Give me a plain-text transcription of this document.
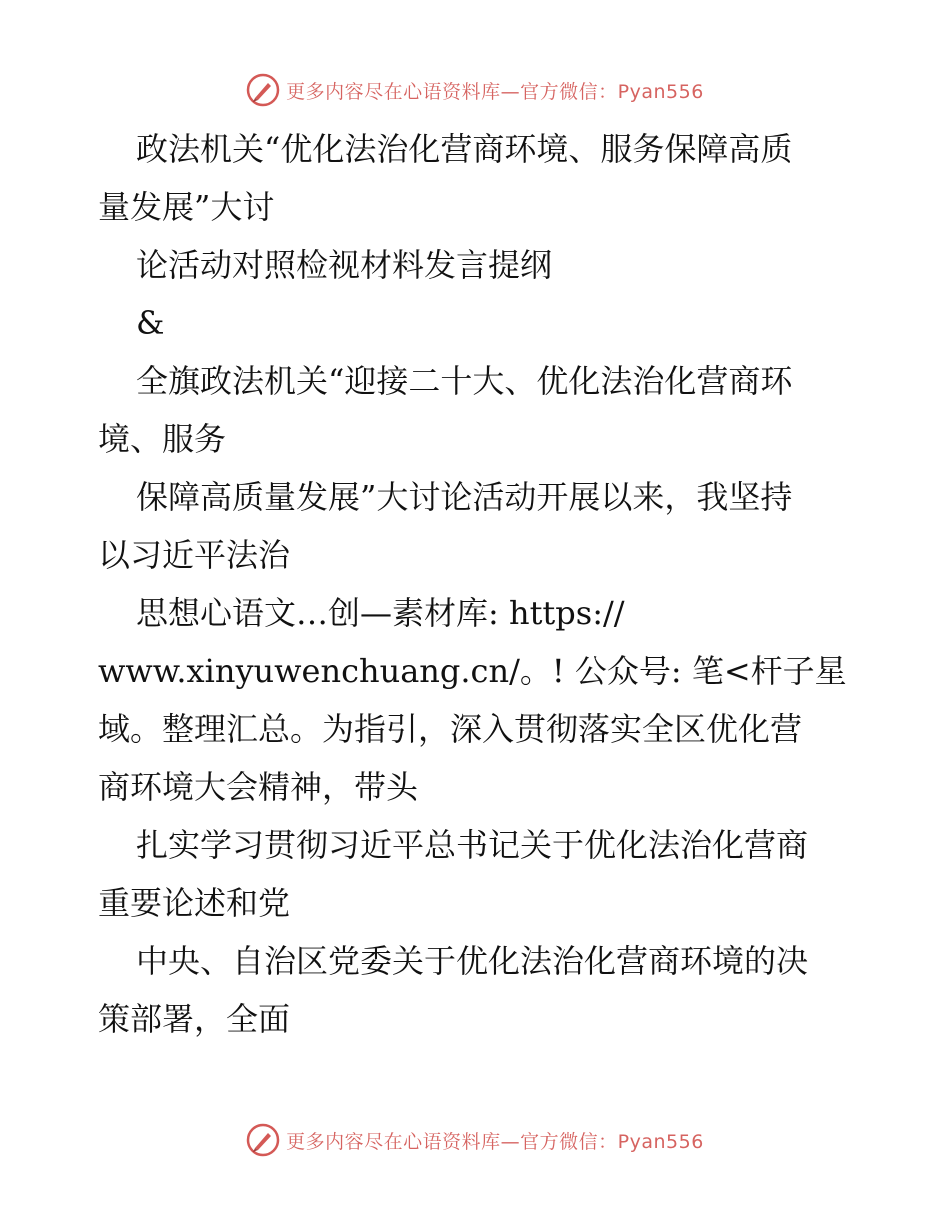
更多内容尽在心语资料库—官方微信：Pyan556
政法机关“优化法治化营商环境、服务保障高质
量发展”大讨
论活动对照检视材料发言提纲
&
全旗政法机关“迎接二十大、优化法治化营商环
境、服务
保障高质量发展”大讨论活动开展以来，我坚持
以习近平法治
思想心语文…创—素材库: https://
www.xinyuwenchuang.cn/。! 公众号: 笔<杆子星
域。整理汇总。为指引，深入贯彻落实全区优化营
商环境大会精神，带头
扎实学习贯彻习近平总书记关于优化法治化营商
重要论述和党
中央、自治区党委关于优化法治化营商环境的决
策部署，全面
更多内容尽在心语资料库—官方微信：Pyan556
